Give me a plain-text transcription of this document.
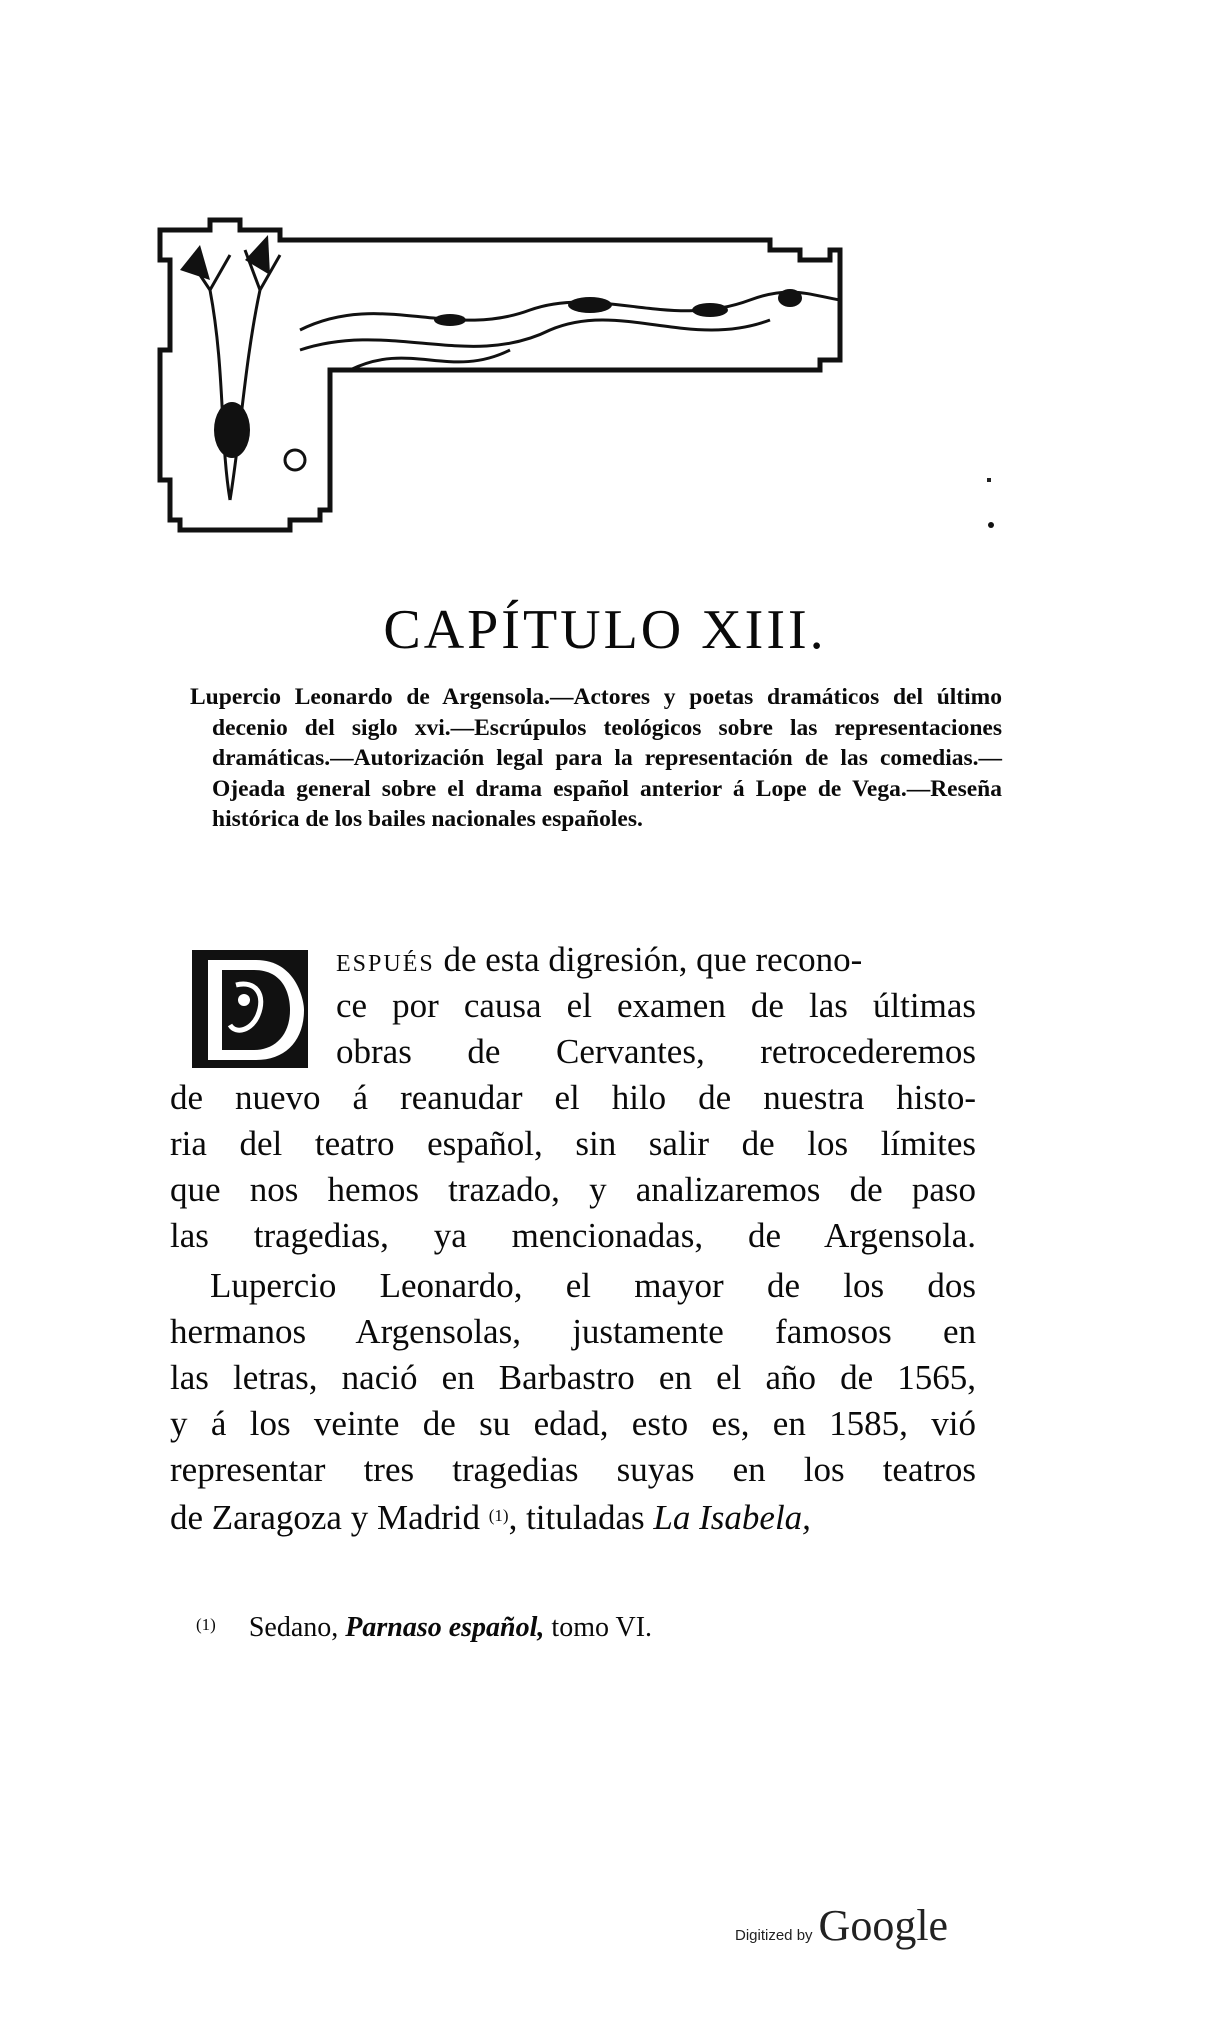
CAPÍTULO XIII.
Lupercio Leonardo de Argensola.—Actores y poetas dramáticos del último decenio del siglo xvi.—Escrúpulos teológicos sobre las representaciones dramáticas.—Autorización legal para la representación de las comedias.—Ojeada general sobre el drama español anterior á Lope de Vega.—Reseña histórica de los bailes nacionales españoles.
ESPUÉS de esta digresión, que recono-
ce por causa el examen de las últimas
obras de Cervantes, retrocederemos
de nuevo á reanudar el hilo de nuestra histo-
ria del teatro español, sin salir de los límites
que nos hemos trazado, y analizaremos de paso
las tragedias, ya mencionadas, de Argensola.
Lupercio Leonardo, el mayor de los dos
hermanos Argensolas, justamente famosos en
las letras, nació en Barbastro en el año de 1565,
y á los veinte de su edad, esto es, en 1585, vió
representar tres tragedias suyas en los teatros
de Zaragoza y Madrid $^{(1)}$, tituladas La Isabela,
$^{(1)}$ Sedano, Parnaso español, tomo VI.
Digitized by Google
